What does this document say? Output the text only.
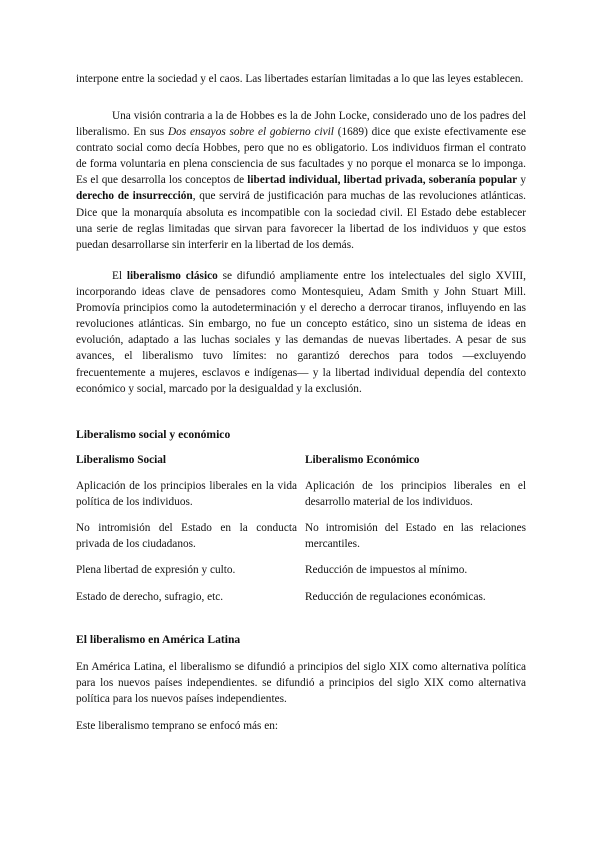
interpone entre la sociedad y el caos. Las libertades estarían limitadas a lo que las leyes establecen.

Una visión contraria a la de Hobbes es la de John Locke, considerado uno de los padres del liberalismo. En sus Dos ensayos sobre el gobierno civil (1689) dice que existe efectivamente ese contrato social como decía Hobbes, pero que no es obligatorio. Los individuos firman el contrato de forma voluntaria en plena consciencia de sus facultades y no porque el monarca se lo imponga. Es el que desarrolla los conceptos de libertad individual, libertad privada, soberanía popular y derecho de insurrección, que servirá de justificación para muchas de las revoluciones atlánticas. Dice que la monarquía absoluta es incompatible con la sociedad civil. El Estado debe establecer una serie de reglas limitadas que sirvan para favorecer la libertad de los individuos y que estos puedan desarrollarse sin interferir en la libertad de los demás.

El liberalismo clásico se difundió ampliamente entre los intelectuales del siglo XVIII, incorporando ideas clave de pensadores como Montesquieu, Adam Smith y John Stuart Mill. Promovía principios como la autodeterminación y el derecho a derrocar tiranos, influyendo en las revoluciones atlánticas. Sin embargo, no fue un concepto estático, sino un sistema de ideas en evolución, adaptado a las luchas sociales y las demandas de nuevas libertades. A pesar de sus avances, el liberalismo tuvo límites: no garantizó derechos para todos —excluyendo frecuentemente a mujeres, esclavos e indígenas— y la libertad individual dependía del contexto económico y social, marcado por la desigualdad y la exclusión.

Liberalismo social y económico
Liberalismo Social	Liberalismo Económico
Aplicación de los principios liberales en la vida política de los individuos.	Aplicación de los principios liberales en el desarrollo material de los individuos.
No intromisión del Estado en la conducta privada de los ciudadanos.	No intromisión del Estado en las relaciones mercantiles.
Plena libertad de expresión y culto.	Reducción de impuestos al mínimo.
Estado de derecho, sufragio, etc.	Reducción de regulaciones económicas.
El liberalismo en América Latina

En América Latina, el liberalismo se difundió a principios del siglo XIX como alternativa política para los nuevos países independientes. se difundió a principios del siglo XIX como alternativa política para los nuevos países independientes.

Este liberalismo temprano se enfocó más en:
